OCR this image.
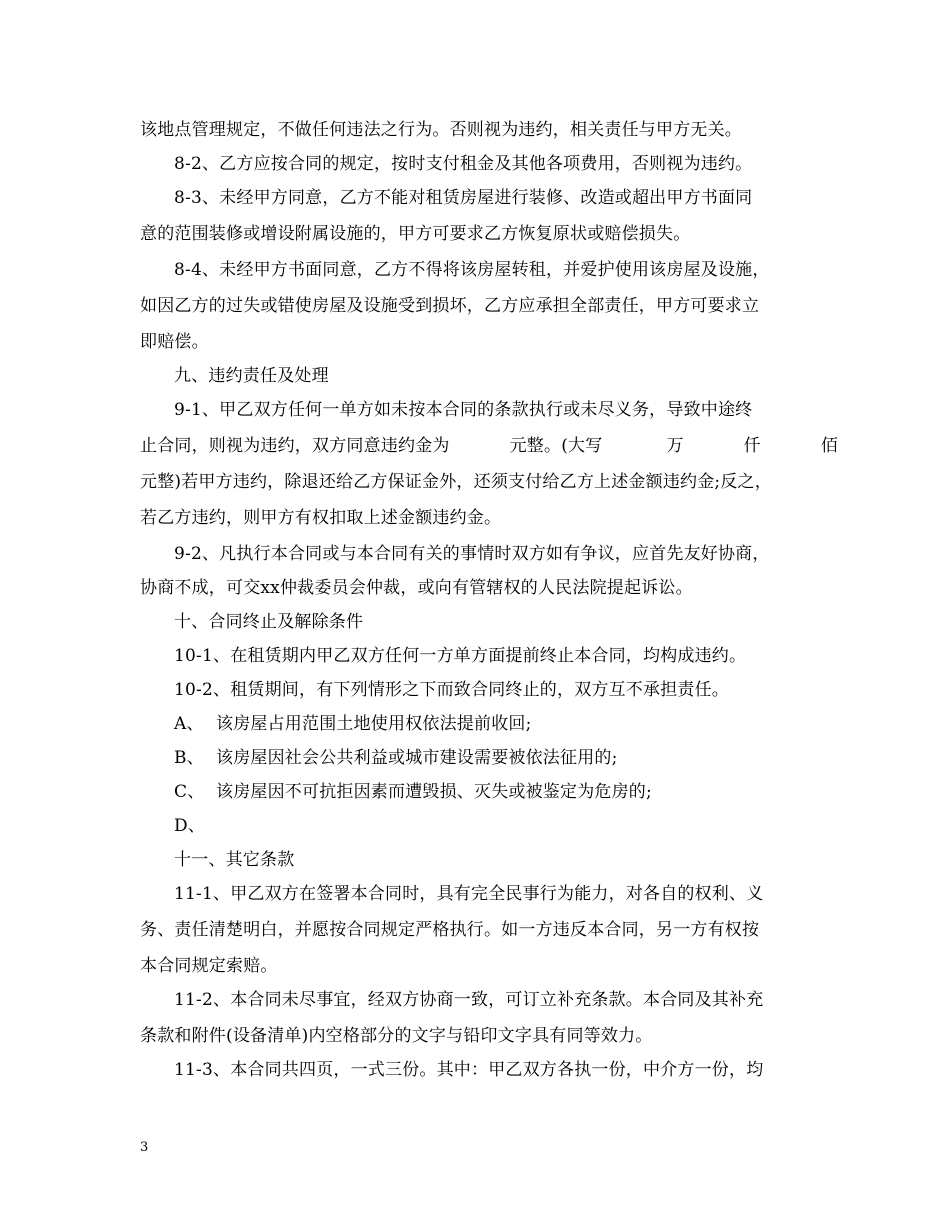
该地点管理规定，不做任何违法之行为。否则视为违约，相关责任与甲方无关。
8-2、乙方应按合同的规定，按时支付租金及其他各项费用，否则视为违约。
8-3、未经甲方同意，乙方不能对租赁房屋进行装修、改造或超出甲方书面同
意的范围装修或增设附属设施的，甲方可要求乙方恢复原状或赔偿损失。
8-4、未经甲方书面同意，乙方不得将该房屋转租，并爱护使用该房屋及设施，
如因乙方的过失或错使房屋及设施受到损坏，乙方应承担全部责任，甲方可要求立
即赔偿。
九、违约责任及处理
9-1、甲乙双方任何一单方如未按本合同的条款执行或未尽义务，导致中途终
止合同，则视为违约，双方同意违约金为	元整。(大写	万	仟	佰
元整)若甲方违约，除退还给乙方保证金外，还须支付给乙方上述金额违约金;反之，
若乙方违约，则甲方有权扣取上述金额违约金。
9-2、凡执行本合同或与本合同有关的事情时双方如有争议，应首先友好协商，
协商不成，可交xx仲裁委员会仲裁，或向有管辖权的人民法院提起诉讼。
十、合同终止及解除条件
10-1、在租赁期内甲乙双方任何一方单方面提前终止本合同，均构成违约。
10-2、租赁期间，有下列情形之下而致合同终止的，双方互不承担责任。
A、 该房屋占用范围土地使用权依法提前收回;
B、 该房屋因社会公共利益或城市建设需要被依法征用的;
C、 该房屋因不可抗拒因素而遭毁损、灭失或被鉴定为危房的;
D、
十一、其它条款
11-1、甲乙双方在签署本合同时，具有完全民事行为能力，对各自的权利、义
务、责任清楚明白，并愿按合同规定严格执行。如一方违反本合同，另一方有权按
本合同规定索赔。
11-2、本合同未尽事宜，经双方协商一致，可订立补充条款。本合同及其补充
条款和附件(设备清单)内空格部分的文字与铅印文字具有同等效力。
11-3、本合同共四页，一式三份。其中：甲乙双方各执一份，中介方一份，均
3
